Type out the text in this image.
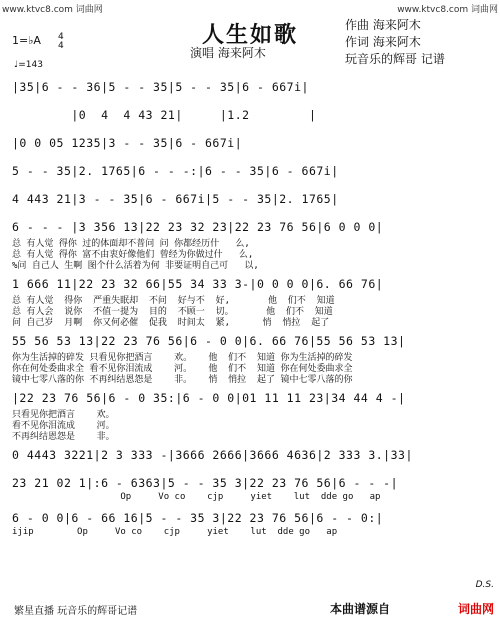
www.ktvc8.com 词曲网	www.ktvc8.com 词曲网
人生如歌
演唱 海来阿木
作曲 海来阿木
作词 海来阿木
玩音乐的辉哥 记谱
1=♭A 4
4
♩=143
|35|6 - - 36|5 - - 35|5 - - 35|6 - 667i|
|0  4  4 43 21|     |1.2        |
|0 0 05 1235|3 - - 35|6 - 667i|
5 - - 35|2. 1765|6 - - -:|6 - - 35|6 - 667i|
4 443 21|3 - - 35|6 - 667i|5 - - 35|2. 1765|
6 - - - |3 356 13|22 23 32 23|22 23 76 56|6 0 0 0|
总 有人觉 得你 过的体面却不普问 问 你都经历什   么,
总 有人觉 得你 富不由衷好像他们 曾经为你做过什   么,
%问 自己人 生啊 图个什么活着为何 非要证明自己可   以,
1 666 11|22 23 32 66|55 34 33 3-|0 0 0 0|6. 66 76|
总 有人觉  得你  严重失眠却  不问  好与不  好,       他  们不  知道
总 有人会  说你  不值一提为  目的  不顾一  切。      他  们不  知道
问 自己岁  月啊  你又何必催  促我  时间太  紧,      悄  悄拉  起了
55 56 53 13|22 23 76 56|6 - 0 0|6. 66 76|55 56 53 13|
你为生活掉的碎发 只看见你把酒言    欢。   他  们不  知道 你为生活掉的碎发
你在何处委曲求全 看不见你泪流成    河。   他  们不  知道 你在何处委曲求全
镜中七零八落的你 不再纠结恩怨是    非。   悄  悄拉  起了 镜中七零八落的你
|22 23 76 56|6 - 0 35:|6 - 0 0|01 11 11 23|34 44 4 -|
只看见你把酒言    欢。
看不见你泪流成    河。
不再纠结恩怨是    非。
0 4443 3221|2 3 333 -|3666 2666|3666 4636|2 333 3.|33|
23 21 02 1|:6 - 6363|5 - - 35 3|22 23 76 56|6 - - -|
Op     Vo co    cjp     yiet    lut  dde go   ap
6 - 0 0|6 - 66 16|5 - - 35 3|22 23 76 56|6 - - 0:|
ijip        Op     Vo co    cjp     yiet    lut  dde go   ap
D.S.
繁星直播 玩音乐的辉哥记谱	本曲谱源自	词曲网
